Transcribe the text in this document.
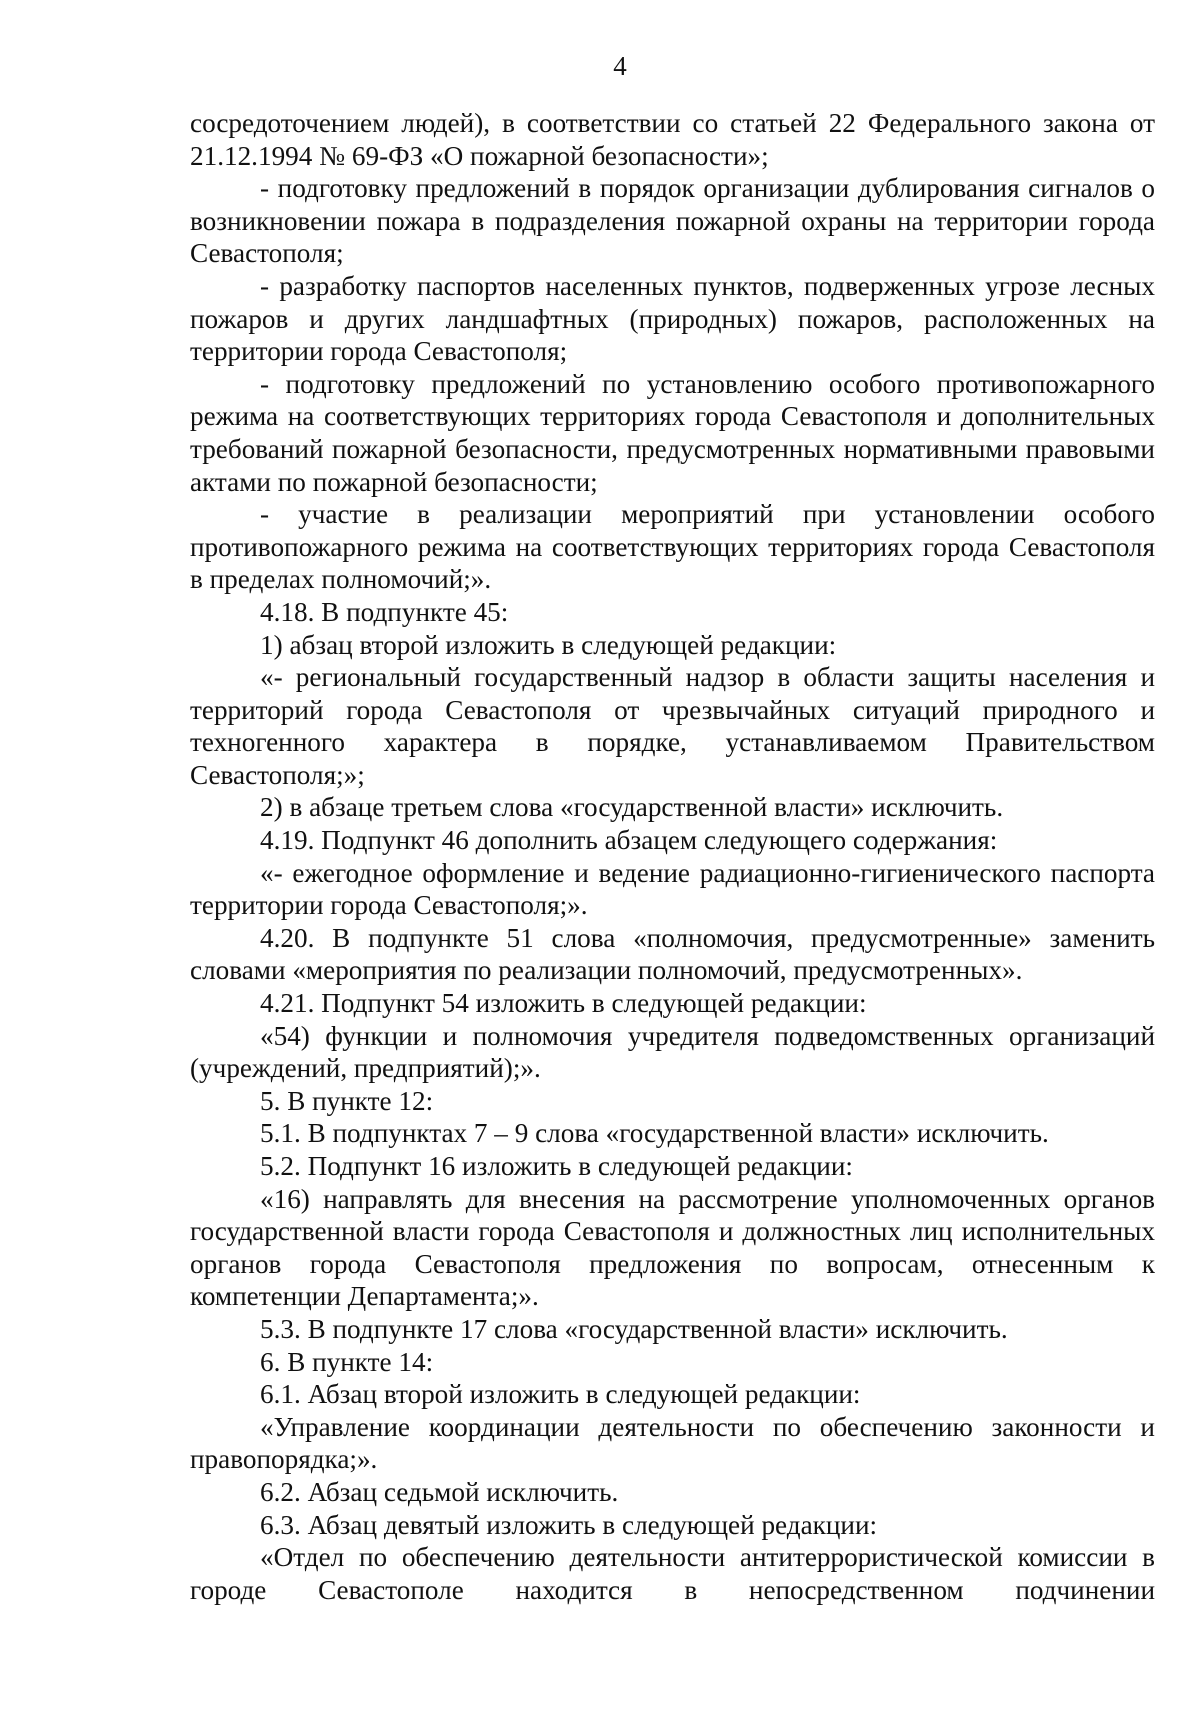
4

сосредоточением людей), в соответствии со статьей 22 Федерального закона от 21.12.1994 № 69-ФЗ «О пожарной безопасности»;

- подготовку предложений в порядок организации дублирования сигналов о возникновении пожара в подразделения пожарной охраны на территории города Севастополя;

- разработку паспортов населенных пунктов, подверженных угрозе лесных пожаров и других ландшафтных (природных) пожаров, расположенных на территории города Севастополя;

- подготовку предложений по установлению особого противопожарного режима на соответствующих территориях города Севастополя и дополнительных требований пожарной безопасности, предусмотренных нормативными правовыми актами по пожарной безопасности;

- участие в реализации мероприятий при установлении особого противопожарного режима на соответствующих территориях города Севастополя в пределах полномочий;».

4.18. В подпункте 45:

1) абзац второй изложить в следующей редакции:

«- региональный государственный надзор в области защиты населения и территорий города Севастополя от чрезвычайных ситуаций природного и техногенного характера в порядке, устанавливаемом Правительством Севастополя;»;

2) в абзаце третьем слова «государственной власти» исключить.

4.19. Подпункт 46 дополнить абзацем следующего содержания:

«- ежегодное оформление и ведение радиационно-гигиенического паспорта территории города Севастополя;».

4.20. В подпункте 51 слова «полномочия, предусмотренные» заменить словами «мероприятия по реализации полномочий, предусмотренных».

4.21. Подпункт 54 изложить в следующей редакции:

«54) функции и полномочия учредителя подведомственных организаций (учреждений, предприятий);».

5. В пункте 12:

5.1. В подпунктах 7 – 9 слова «государственной власти» исключить.

5.2. Подпункт 16 изложить в следующей редакции:

«16) направлять для внесения на рассмотрение уполномоченных органов государственной власти города Севастополя и должностных лиц исполнительных органов города Севастополя предложения по вопросам, отнесенным к компетенции Департамента;».

5.3. В подпункте 17 слова «государственной власти» исключить.

6. В пункте 14:

6.1. Абзац второй изложить в следующей редакции:

«Управление координации деятельности по обеспечению законности и правопорядка;».

6.2. Абзац седьмой исключить.

6.3. Абзац девятый изложить в следующей редакции:

«Отдел по обеспечению деятельности антитеррористической комиссии в городе Севастополе находится в непосредственном подчинении
